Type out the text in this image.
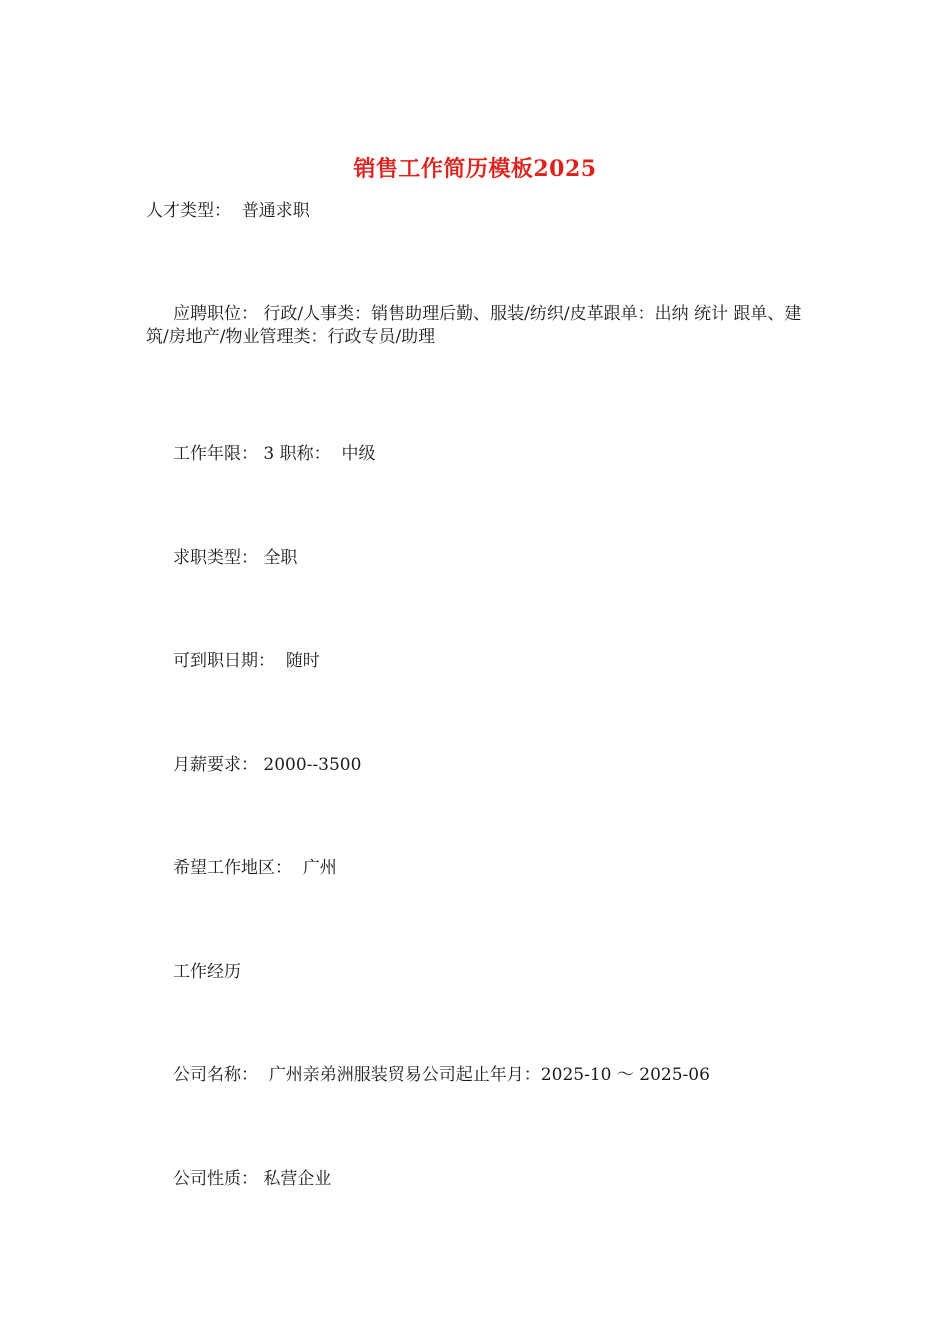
销售工作简历模板2025
人才类型： 普通求职
应聘职位： 行政/人事类：销售助理后勤、服装/纺织/皮革跟单：出纳 统计 跟单、建筑/房地产/物业管理类：行政专员/助理
工作年限： 3 职称： 中级
求职类型： 全职
可到职日期： 随时
月薪要求： 2000--3500
希望工作地区： 广州
工作经历
公司名称： 广州亲弟洲服装贸易公司起止年月：2025-10 ～ 2025-06
公司性质： 私营企业
